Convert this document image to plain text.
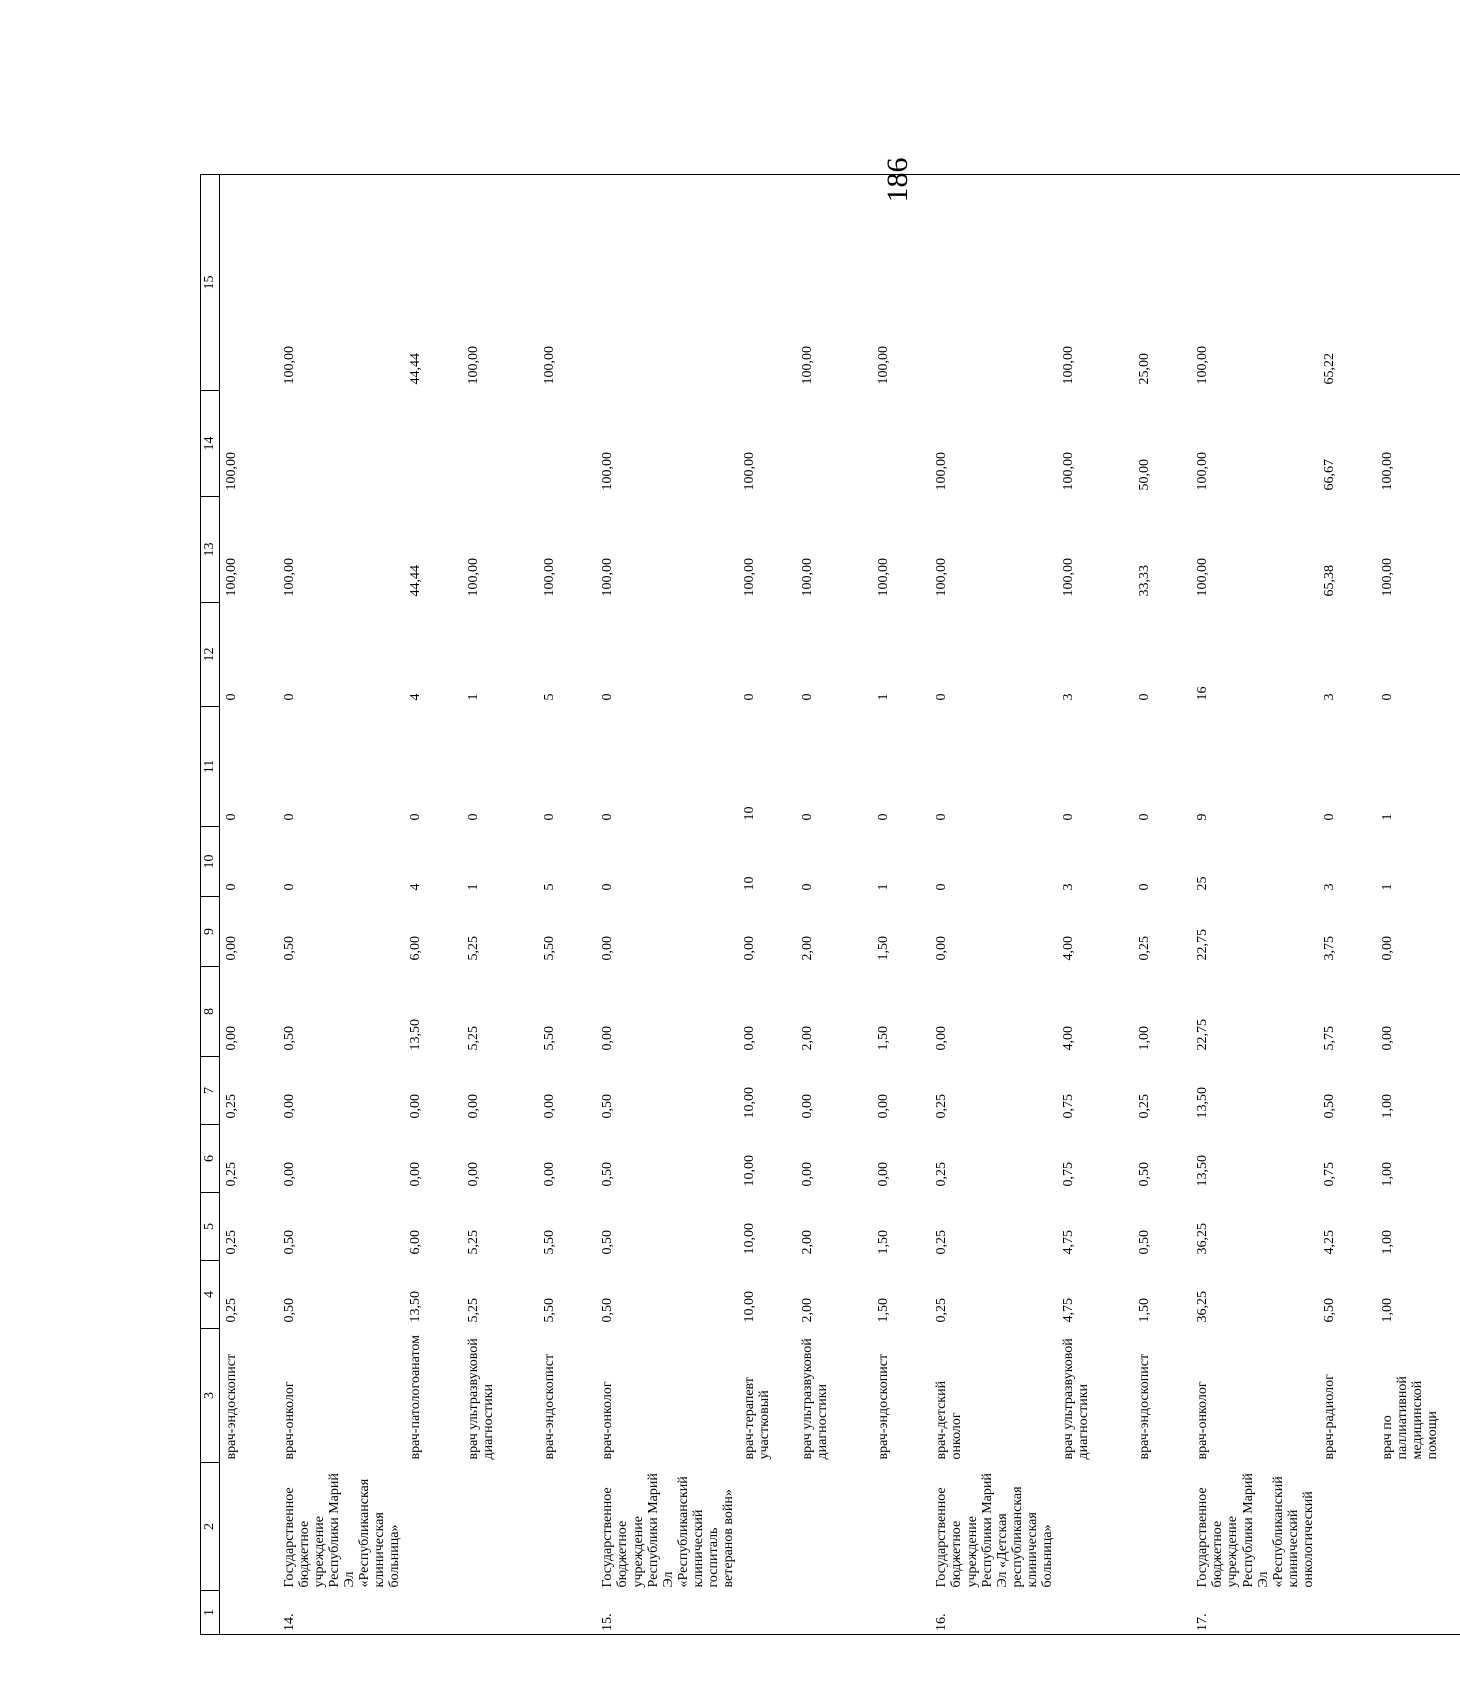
186
1	2	3	4	5	6	7	8	9	10	11	12	13	14	15
		врач-эндоскопист	0,25	0,25	0,25	0,25	0,00	0,00	0	0	0	100,00	100,00	
14.	Государственное бюджетное учреждение Республики Марий Эл «Республиканская клиническая больница»	врач-онколог	0,50	0,50	0,00	0,00	0,50	0,50	0	0	0	100,00		100,00
		врач-патологоанатом	13,50	6,00	0,00	0,00	13,50	6,00	4	0	4	44,44		44,44
		врач ультразвуковой диагностики	5,25	5,25	0,00	0,00	5,25	5,25	1	0	1	100,00		100,00
		врач-эндоскопист	5,50	5,50	0,00	0,00	5,50	5,50	5	0	5	100,00		100,00
15.	Государственное бюджетное учреждение Республики Марий Эл «Республиканский клинический госпиталь ветеранов войн»	врач-онколог	0,50	0,50	0,50	0,50	0,00	0,00	0	0	0	100,00	100,00	
		врач-терапевт участковый	10,00	10,00	10,00	10,00	0,00	0,00	10	10	0	100,00	100,00	
		врач ультразвуковой диагностики	2,00	2,00	0,00	0,00	2,00	2,00	0	0	0	100,00		100,00
		врач-эндоскопист	1,50	1,50	0,00	0,00	1,50	1,50	1	0	1	100,00		100,00
16.	Государственное бюджетное учреждение Республики Марий Эл «Детская республиканская клиническая больница»	врач-детский онколог	0,25	0,25	0,25	0,25	0,00	0,00	0	0	0	100,00	100,00	
		врач ультразвуковой диагностики	4,75	4,75	0,75	0,75	4,00	4,00	3	0	3	100,00	100,00	100,00
		врач-эндоскопист	1,50	0,50	0,50	0,25	1,00	0,25	0	0	0	33,33	50,00	25,00
17.	Государственное бюджетное учреждение Республики Марий Эл «Республиканский клинический онкологический	врач-онколог	36,25	36,25	13,50	13,50	22,75	22,75	25	9	16	100,00	100,00	100,00
		врач-радиолог	6,50	4,25	0,75	0,50	5,75	3,75	3	0	3	65,38	66,67	65,22
		врач по паллиативной медицинской помощи	1,00	1,00	1,00	1,00	0,00	0,00	1	1	0	100,00	100,00	
